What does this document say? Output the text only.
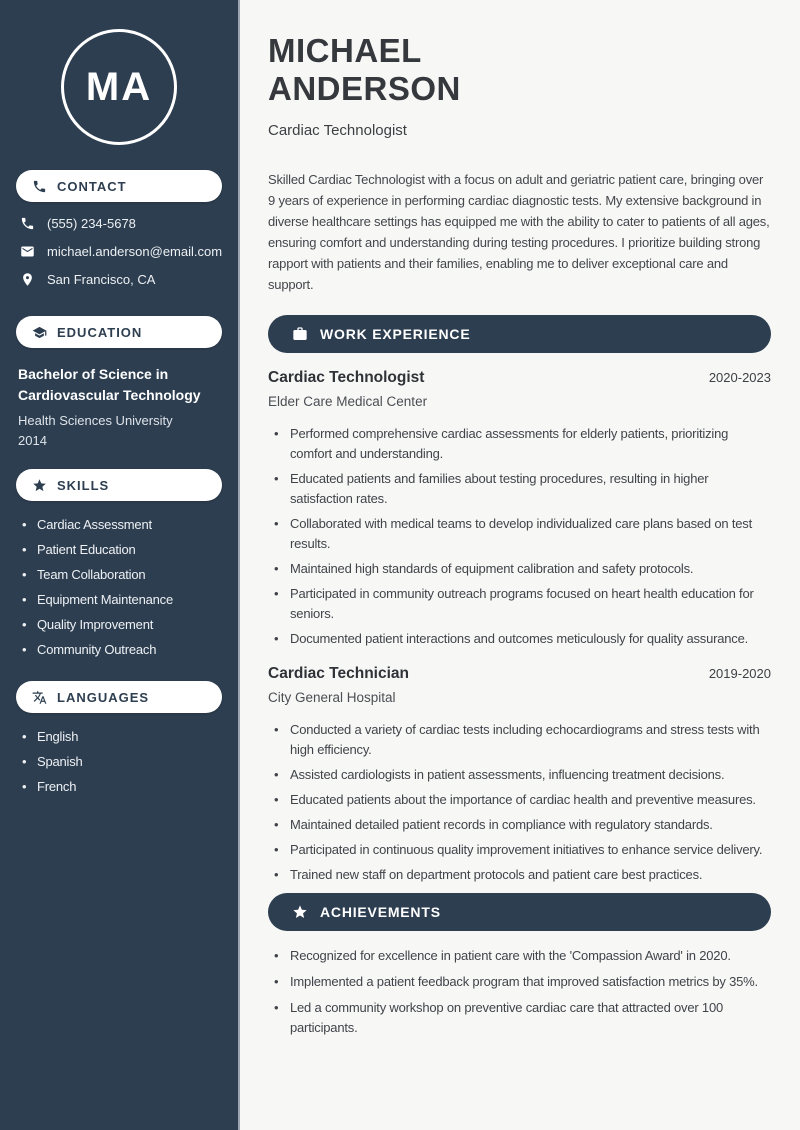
MA
CONTACT
(555) 234-5678
michael.anderson@email.com
San Francisco, CA
EDUCATION
Bachelor of Science in Cardiovascular Technology
Health Sciences University
2014
SKILLS
• Cardiac Assessment
• Patient Education
• Team Collaboration
• Equipment Maintenance
• Quality Improvement
• Community Outreach
LANGUAGES
• English
• Spanish
• French
MICHAEL
ANDERSON
Cardiac Technologist

Skilled Cardiac Technologist with a focus on adult and geriatric patient care, bringing over 9 years of experience in performing cardiac diagnostic tests. My extensive background in diverse healthcare settings has equipped me with the ability to cater to patients of all ages, ensuring comfort and understanding during testing procedures. I prioritize building strong rapport with patients and their families, enabling me to deliver exceptional care and support.

WORK EXPERIENCE
Cardiac Technologist	2020-2023
Elder Care Medical Center
• Performed comprehensive cardiac assessments for elderly patients, prioritizing comfort and understanding.
• Educated patients and families about testing procedures, resulting in higher satisfaction rates.
• Collaborated with medical teams to develop individualized care plans based on test results.
• Maintained high standards of equipment calibration and safety protocols.
• Participated in community outreach programs focused on heart health education for seniors.
• Documented patient interactions and outcomes meticulously for quality assurance.
Cardiac Technician	2019-2020
City General Hospital
• Conducted a variety of cardiac tests including echocardiograms and stress tests with high efficiency.
• Assisted cardiologists in patient assessments, influencing treatment decisions.
• Educated patients about the importance of cardiac health and preventive measures.
• Maintained detailed patient records in compliance with regulatory standards.
• Participated in continuous quality improvement initiatives to enhance service delivery.
• Trained new staff on department protocols and patient care best practices.
ACHIEVEMENTS
• Recognized for excellence in patient care with the 'Compassion Award' in 2020.
• Implemented a patient feedback program that improved satisfaction metrics by 35%.
• Led a community workshop on preventive cardiac care that attracted over 100 participants.
